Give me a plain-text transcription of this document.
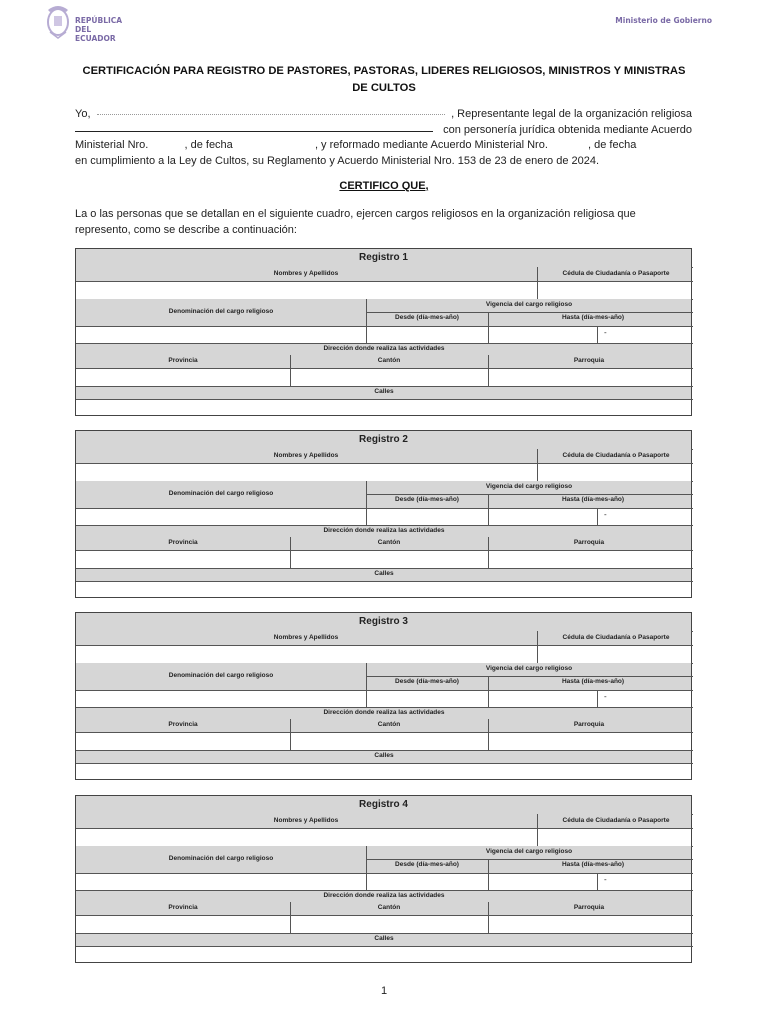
REPÚBLICA
DEL ECUADOR
Ministerio de Gobierno
CERTIFICACIÓN PARA REGISTRO DE PASTORES, PASTORAS, LIDERES RELIGIOSOS, MINISTROS Y MINISTRAS DE CULTOS
Yo,	, Representante legal de la organización religiosa
con personería jurídica obtenida mediante Acuerdo
Ministerial Nro.	, de fecha	, y reformado mediante Acuerdo Ministerial Nro.	, de fecha
en cumplimiento a la Ley de Cultos, su Reglamento y Acuerdo Ministerial Nro. 153 de 23 de enero de 2024.
CERTIFICO QUE,
La o las personas que se detallan en el siguiente cuadro, ejercen cargos religiosos en la organización religiosa que represento, como se describe a continuación:
Registro 1
Nombres y Apellidos	Cédula de Ciudadanía o Pasaporte
Denominación del cargo religioso
Vigencia del cargo religioso
Desde (día-mes-año)	Hasta (día-mes-año)
-
Dirección donde realiza las actividades
Provincia	Cantón	Parroquia
Calles
Registro 2
Nombres y Apellidos	Cédula de Ciudadanía o Pasaporte
Denominación del cargo religioso
Vigencia del cargo religioso
Desde (día-mes-año)	Hasta (día-mes-año)
-
Dirección donde realiza las actividades
Provincia	Cantón	Parroquia
Calles
Registro 3
Nombres y Apellidos	Cédula de Ciudadanía o Pasaporte
Denominación del cargo religioso
Vigencia del cargo religioso
Desde (día-mes-año)	Hasta (día-mes-año)
-
Dirección donde realiza las actividades
Provincia	Cantón	Parroquia
Calles
Registro 4
Nombres y Apellidos	Cédula de Ciudadanía o Pasaporte
Denominación del cargo religioso
Vigencia del cargo religioso
Desde (día-mes-año)	Hasta (día-mes-año)
-
Dirección donde realiza las actividades
Provincia	Cantón	Parroquia
Calles
1
